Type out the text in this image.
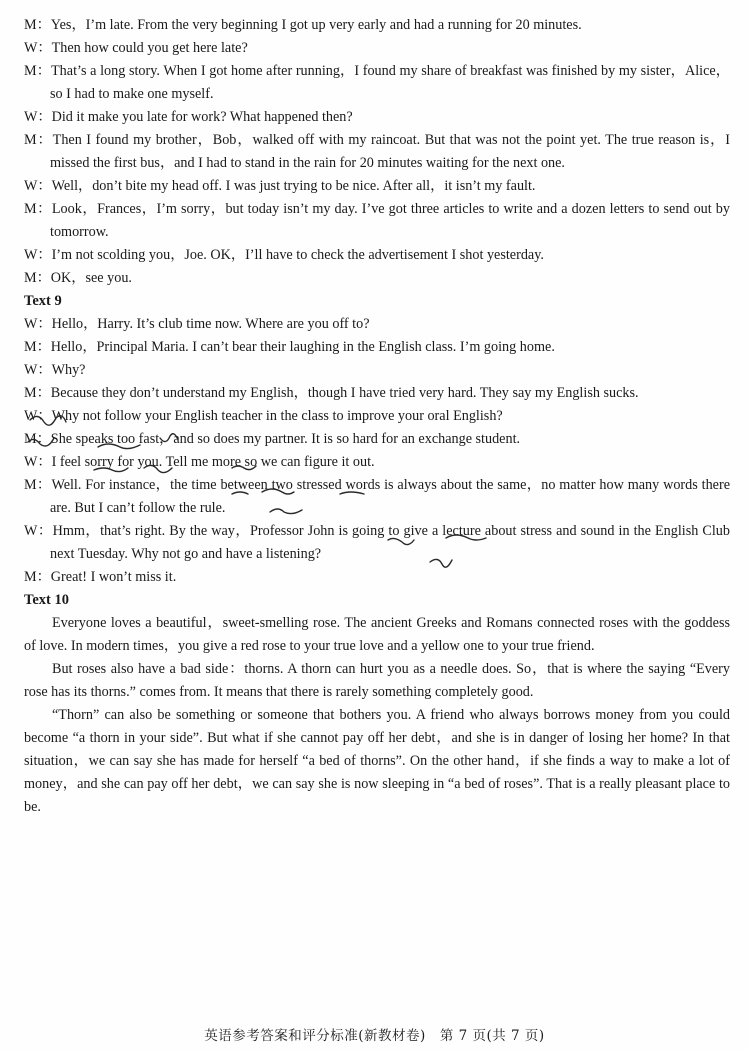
M：Yes，I’m late. From the very beginning I got up very early and had a running for 20 minutes.
W：Then how could you get here late?
M：That’s a long story. When I got home after running，I found my share of breakfast was finished by my sister，Alice，so I had to make one myself.
W：Did it make you late for work? What happened then?
M：Then I found my brother，Bob，walked off with my raincoat. But that was not the point yet. The true reason is，I missed the first bus，and I had to stand in the rain for 20 minutes waiting for the next one.
W：Well，don’t bite my head off. I was just trying to be nice. After all，it isn’t my fault.
M：Look，Frances，I’m sorry，but today isn’t my day. I’ve got three articles to write and a dozen letters to send out by tomorrow.
W：I’m not scolding you，Joe. OK，I’ll have to check the advertisement I shot yesterday.
M：OK，see you.
Text 9
W：Hello，Harry. It’s club time now. Where are you off to?
M：Hello，Principal Maria. I can’t bear their laughing in the English class. I’m going home.
W：Why?
M：Because they don’t understand my English，though I have tried very hard. They say my English sucks.
W：Why not follow your English teacher in the class to improve your oral English?
M：She speaks too fast，and so does my partner. It is so hard for an exchange student.
W：I feel sorry for you. Tell me more so we can figure it out.
M：Well. For instance，the time between two stressed words is always about the same，no matter how many words there are. But I can’t follow the rule.
W：Hmm，that’s right. By the way，Professor John is going to give a lecture about stress and sound in the English Club next Tuesday. Why not go and have a listening?
M：Great! I won’t miss it.
Text 10
Everyone loves a beautiful，sweet-smelling rose. The ancient Greeks and Romans connected roses with the goddess of love. In modern times，you give a red rose to your true love and a yellow one to your true friend.
But roses also have a bad side：thorns. A thorn can hurt you as a needle does. So，that is where the saying “Every rose has its thorns.” comes from. It means that there is rarely something completely good.
“Thorn” can also be something or someone that bothers you. A friend who always borrows money from you could become “a thorn in your side”. But what if she cannot pay off her debt，and she is in danger of losing her home? In that situation，we can say she has made for herself “a bed of thorns”. On the other hand，if she finds a way to make a lot of money，and she can pay off her debt，we can say she is now sleeping in “a bed of roses”. That is a really pleasant place to be.
英语参考答案和评分标准(新教材卷)　第 7 页(共 7 页)
